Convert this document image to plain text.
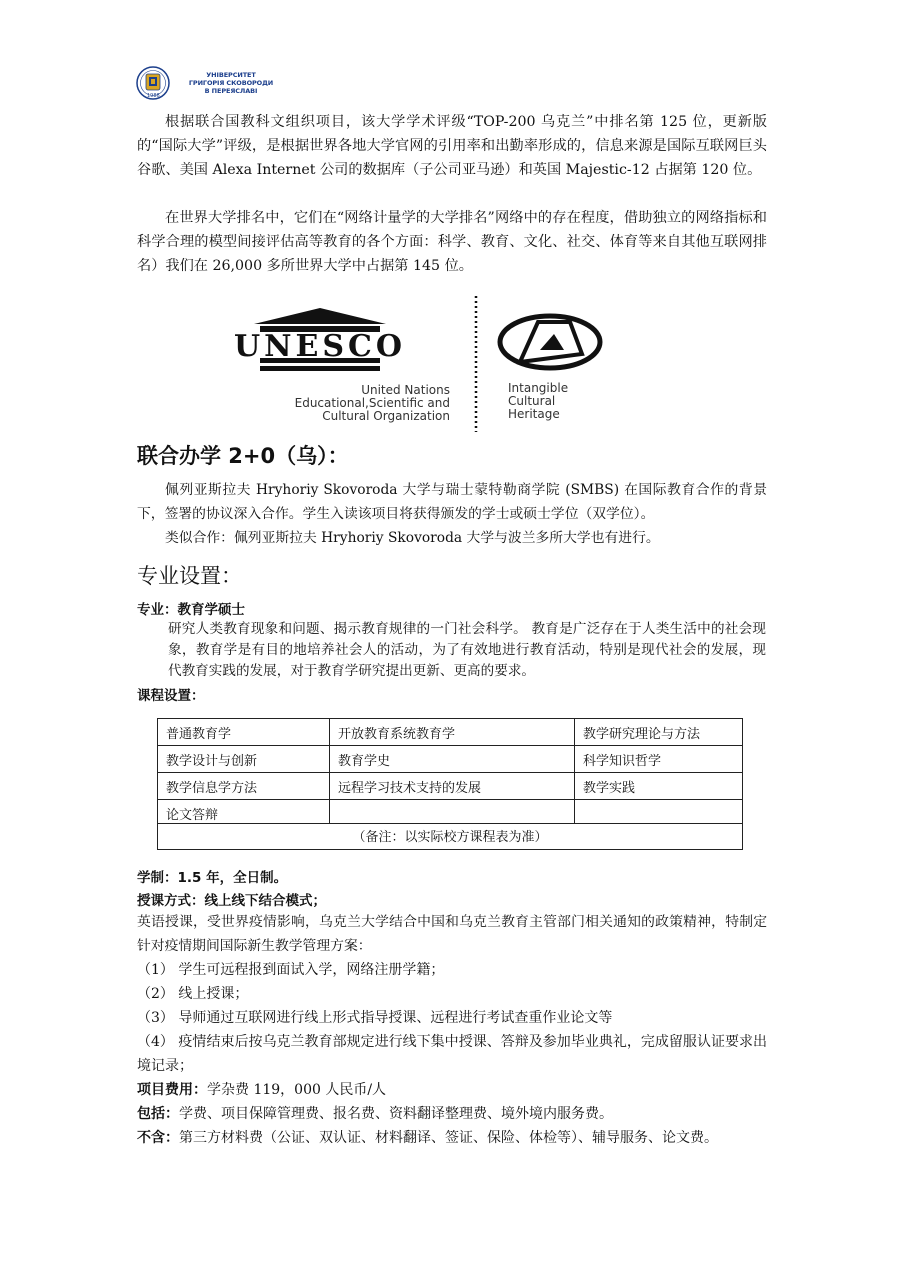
1986
УНІВЕРСИТЕТ
ГРИГОРІЯ СКОВОРОДИ
В ПЕРЕЯСЛАВІ

根据联合国教科文组织项目，该大学学术评级“TOP-200 乌克兰”中排名第 125 位，更新版的“国际大学”评级，是根据世界各地大学官网的引用率和出勤率形成的，信息来源是国际互联网巨头谷歌、美国 Alexa Internet 公司的数据库（子公司亚马逊）和英国 Majestic-12 占据第 120 位。

在世界大学排名中，它们在“网络计量学的大学排名”网络中的存在程度，借助独立的网络指标和科学合理的模型间接评估高等教育的各个方面：科学、教育、文化、社交、体育等来自其他互联网排名）我们在 26,000 多所世界大学中占据第 145 位。

UNESCO
United Nations
Educational,Scientific and
Cultural Organization
Intangible
Cultural
Heritage
联合办学 2+0（乌）：

佩列亚斯拉夫 Hryhoriy Skovoroda 大学与瑞士蒙特勒商学院 (SMBS) 在国际教育合作的背景下，签署的协议深入合作。学生入读该项目将获得颁发的学士或硕士学位（双学位）。

类似合作：佩列亚斯拉夫 Hryhoriy Skovoroda 大学与波兰多所大学也有进行。

专业设置：
专业：教育学硕士

研究人类教育现象和问题、揭示教育规律的一门社会科学。 教育是广泛存在于人类生活中的社会现象，教育学是有目的地培养社会人的活动，为了有效地进行教育活动，特别是现代社会的发展，现代教育实践的发展，对于教育学研究提出更新、更高的要求。

课程设置：
普通教育学	开放教育系统教育学	教学研究理论与方法
教学设计与创新	教育学史	科学知识哲学
教学信息学方法	远程学习技术支持的发展	教学实践
论文答辩		
（备注：以实际校方课程表为准）		
学制：1.5 年，全日制。
授课方式：线上线下结合模式；

英语授课，受世界疫情影响，乌克兰大学结合中国和乌克兰教育主管部门相关通知的政策精神，特制定针对疫情期间国际新生教学管理方案：

（1） 学生可远程报到面试入学，网络注册学籍；
（2） 线上授课；
（3） 导师通过互联网进行线上形式指导授课、远程进行考试查重作业论文等

（4） 疫情结束后按乌克兰教育部规定进行线下集中授课、答辩及参加毕业典礼，完成留服认证要求出境记录；

项目费用：学杂费 119，000 人民币/人
包括：学费、项目保障管理费、报名费、资料翻译整理费、境外境内服务费。

不含：第三方材料费（公证、双认证、材料翻译、签证、保险、体检等）、辅导服务、论文费。
